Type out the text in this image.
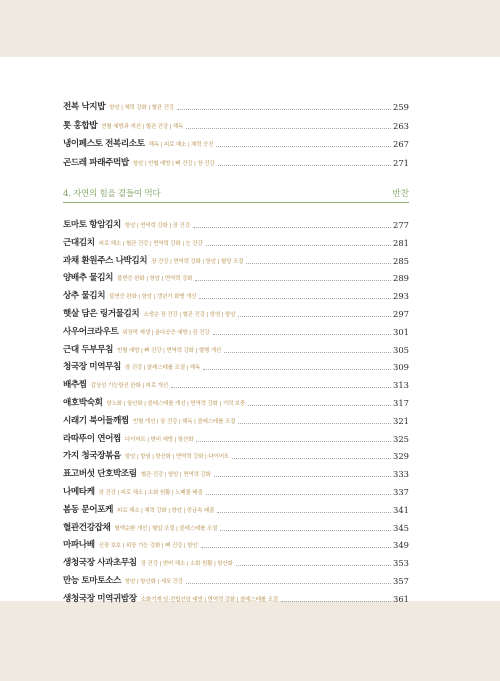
전복 낙지밥 항암 | 체력 강화 | 혈관 건강	259
톳 홍합밥 빈혈 예방과 개선 | 혈관 건강 | 해독	263
냉이페스토 전복리소토 해독 | 피로 해소 | 체력 증진	267
곤드레 파래주먹밥 항암 | 빈혈 예방 | 뼈 건강 | 장 건강	271
4. 자연의 힘을 곁들여 먹다	반찬
토마토 항암김치 항암 | 면역력 강화 | 장 건강	277
근대김치 피로 해소 | 혈관 건강 | 면역력 강화 | 눈 건강	281
과채 환원주스 나박김치 장 건강 | 면역력 강화 | 항암 | 혈당 조절	285
양배추 물김치 불면증 완화 | 항암 | 면역력 강화	289
상추 물김치 불면증 완화 | 항암 | 갱년기 화병 개선	293
햇살 담은 링거물김치 소생순 장 건강 | 혈관 건강 | 항염 | 항암	297
사우어크라우트 위장막 재생 | 골다공증 예방 | 장 건강	301
근대 두부무침 빈혈 예방 | 뼈 건강 | 면역력 강화 | 혈행 개선	305
청국장 미역무침 장 건강 | 콜레스테롤 조절 | 해독	309
배추찜 갑상선 기능항진 완화 | 피로 개선	313
애호박숙회 항노화 | 항산화 | 콜레스테롤 개선 | 면역력 강화 | 기력 보충	317
시래기 북어들깨찜 빈혈 개선 | 장 건강 | 해독 | 콜레스테롤 조절	321
라따뚜이 연어찜 다이어트 | 변비 예방 | 항산화	325
가지 청국장볶음 항암 | 항염 | 항산화 | 면역력 강화 | 다이어트	329
표고버섯 단호박조림 혈관 건강 | 항암 | 면역력 강화	333
나메타케 장 건강 | 피로 해소 | 소화 원활 | 노폐물 배출	337
봄동 문어포케 피로 해소 | 체력 강화 | 항암 | 중금속 배출	341
혈관건강잡채 혈액순환 개선 | 혈압 조절 | 콜레스테롤 조절	345
마파나베 신장 보호 | 위장 기능 강화 | 뼈 건강 | 항암	349
생청국장 사과초무침 장 건강 | 변비 해소 | 소화 원활 | 항산화	353
만능 토마토소스 항암 | 항산화 | 세포 건강	357
생청국장 미역귀밤장 소화기계 암·전립선암 예방 | 면역력 강화 | 콜레스테롤 조절	361
